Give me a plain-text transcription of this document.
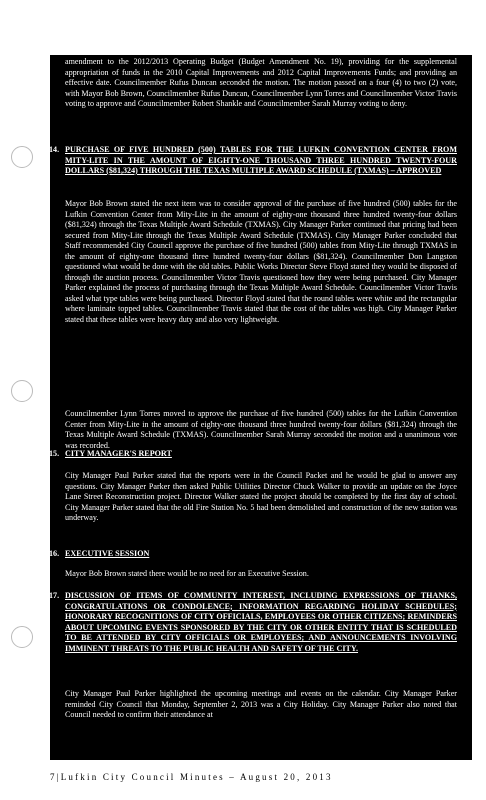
amendment to the 2012/2013 Operating Budget (Budget Amendment No. 19), providing for the supplemental appropriation of funds in the 2010 Capital Improvements and 2012 Capital Improvements Funds; and providing an effective date. Councilmember Rufus Duncan seconded the motion. The motion passed on a four (4) to two (2) vote, with Mayor Bob Brown, Councilmember Rufus Duncan, Councilmember Lynn Torres and Councilmember Victor Travis voting to approve and Councilmember Robert Shankle and Councilmember Sarah Murray voting to deny.

14. PURCHASE OF FIVE HUNDRED (500) TABLES FOR THE LUFKIN CONVENTION CENTER FROM MITY-LITE IN THE AMOUNT OF EIGHTY-ONE THOUSAND THREE HUNDRED TWENTY-FOUR DOLLARS ($81,324) THROUGH THE TEXAS MULTIPLE AWARD SCHEDULE (TXMAS) – APPROVED

Mayor Bob Brown stated the next item was to consider approval of the purchase of five hundred (500) tables for the Lufkin Convention Center from Mity-Lite in the amount of eighty-one thousand three hundred twenty-four dollars ($81,324) through the Texas Multiple Award Schedule (TXMAS). City Manager Parker continued that pricing had been secured from Mity-Lite through the Texas Multiple Award Schedule (TXMAS). City Manager Parker concluded that Staff recommended City Council approve the purchase of five hundred (500) tables from Mity-Lite through TXMAS in the amount of eighty-one thousand three hundred twenty-four dollars ($81,324). Councilmember Don Langston questioned what would be done with the old tables. Public Works Director Steve Floyd stated they would be disposed of through the auction process. Councilmember Victor Travis questioned how they were being purchased. City Manager Parker explained the process of purchasing through the Texas Multiple Award Schedule. Councilmember Victor Travis asked what type tables were being purchased. Director Floyd stated that the round tables were white and the rectangular where laminate topped tables. Councilmember Travis stated that the cost of the tables was high. City Manager Parker stated that these tables were heavy duty and also very lightweight.

Councilmember Lynn Torres moved to approve the purchase of five hundred (500) tables for the Lufkin Convention Center from Mity-Lite in the amount of eighty-one thousand three hundred twenty-four dollars ($81,324) through the Texas Multiple Award Schedule (TXMAS). Councilmember Sarah Murray seconded the motion and a unanimous vote was recorded.

15. CITY MANAGER'S REPORT

City Manager Paul Parker stated that the reports were in the Council Packet and he would be glad to answer any questions. City Manager Parker then asked Public Utilities Director Chuck Walker to provide an update on the Joyce Lane Street Reconstruction project. Director Walker stated the project should be completed by the first day of school. City Manager Parker stated that the old Fire Station No. 5 had been demolished and construction of the new station was underway.

16. EXECUTIVE SESSION

Mayor Bob Brown stated there would be no need for an Executive Session.

17. DISCUSSION OF ITEMS OF COMMUNITY INTEREST, INCLUDING EXPRESSIONS OF THANKS, CONGRATULATIONS OR CONDOLENCE; INFORMATION REGARDING HOLIDAY SCHEDULES; HONORARY RECOGNITIONS OF CITY OFFICIALS, EMPLOYEES OR OTHER CITIZENS; REMINDERS ABOUT UPCOMING EVENTS SPONSORED BY THE CITY OR OTHER ENTITY THAT IS SCHEDULED TO BE ATTENDED BY CITY OFFICIALS OR EMPLOYEES; AND ANNOUNCEMENTS INVOLVING IMMINENT THREATS TO THE PUBLIC HEALTH AND SAFETY OF THE CITY.

City Manager Paul Parker highlighted the upcoming meetings and events on the calendar. City Manager Parker reminded City Council that Monday, September 2, 2013 was a City Holiday. City Manager Parker also noted that Council needed to confirm their attendance at

7|Lufkin City Council Minutes – August 20, 2013
